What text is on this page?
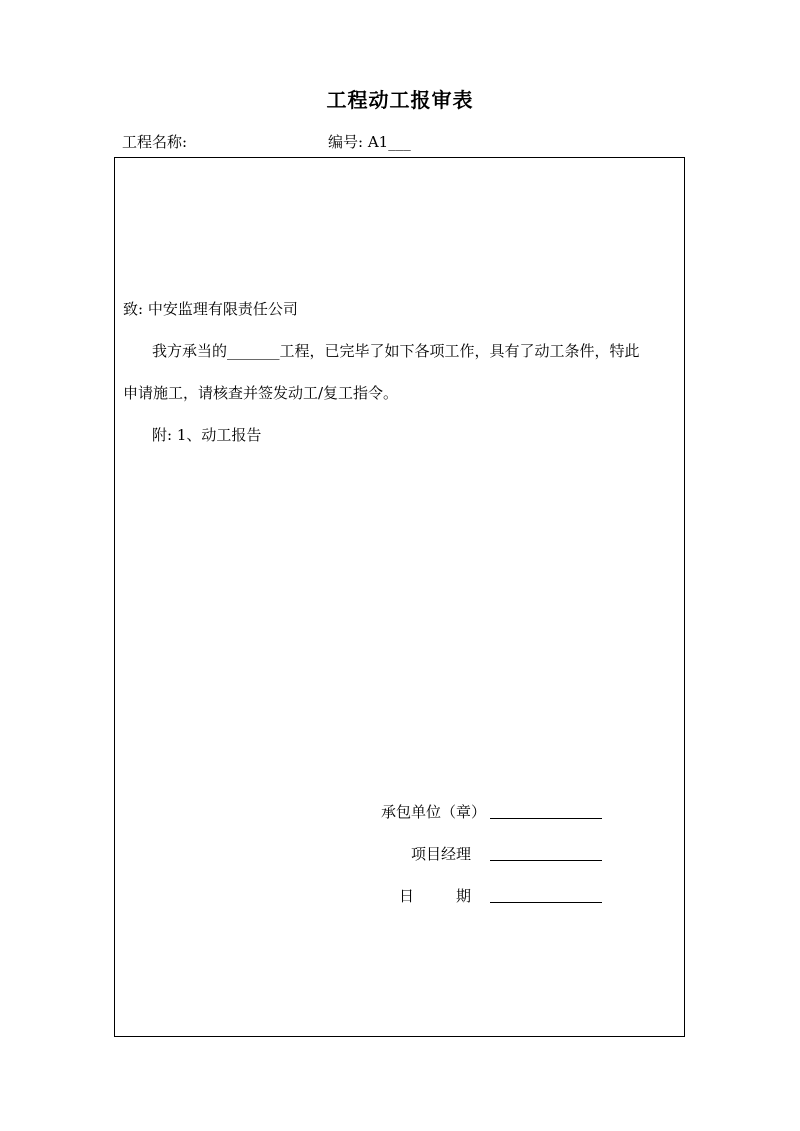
工程动工报审表
工程名称:	编号: A1___
致: 中安监理有限责任公司
我方承当的_______工程，已完毕了如下各项工作，具有了动工条件，特此
申请施工，请核查并签发动工/复工指令。
附: 1、动工报告
承包单位（章）
项目经理
日	期
